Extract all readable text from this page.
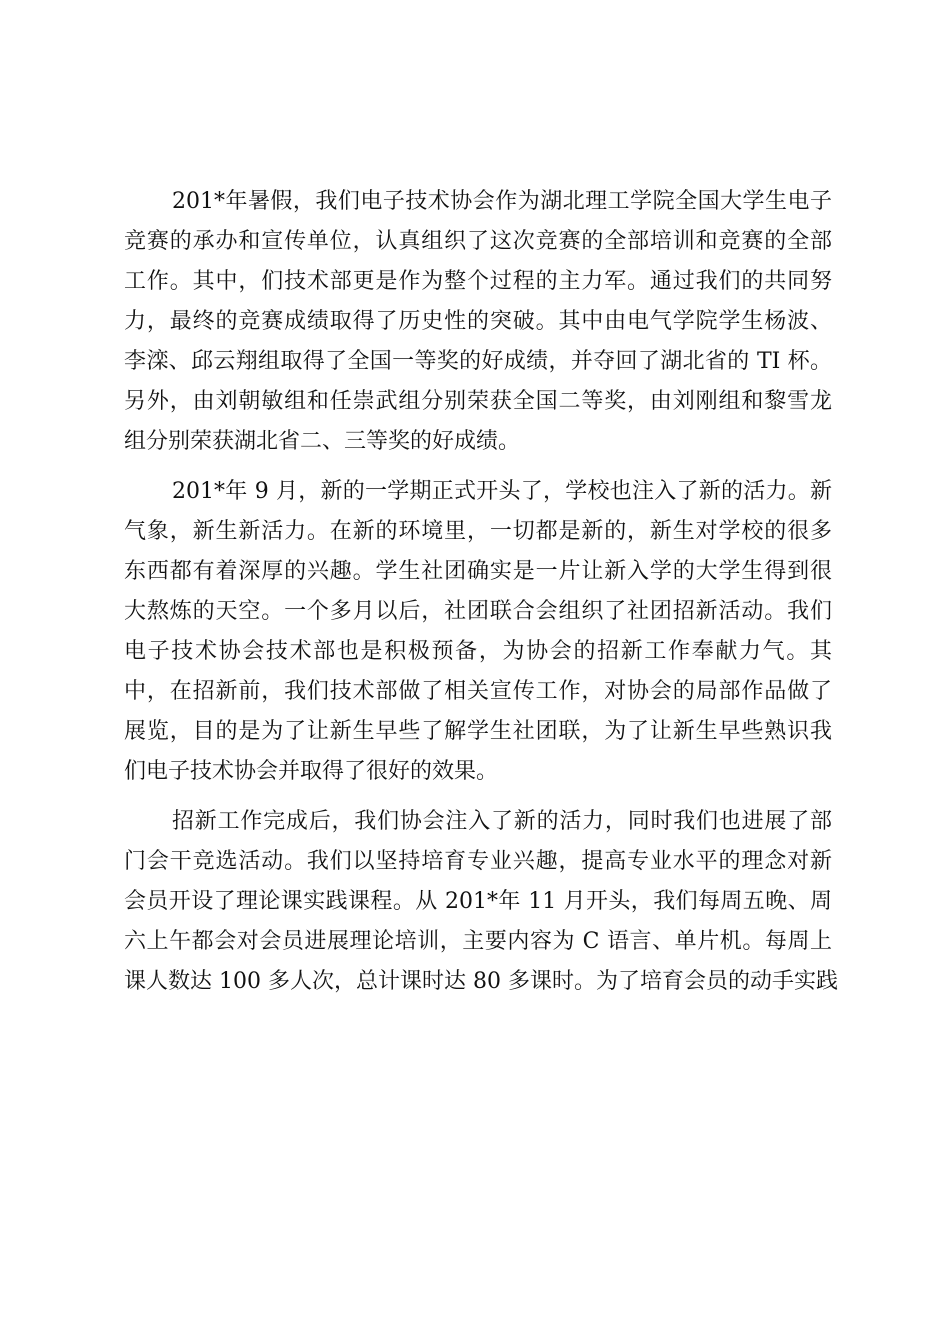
201*年暑假，我们电子技术协会作为湖北理工学院全国大学生电子
竞赛的承办和宣传单位，认真组织了这次竞赛的全部培训和竞赛的全部
工作。其中，们技术部更是作为整个过程的主力军。通过我们的共同努
力，最终的竞赛成绩取得了历史性的突破。其中由电气学院学生杨波、
李滦、邱云翔组取得了全国一等奖的好成绩，并夺回了湖北省的 TI 杯。
另外，由刘朝敏组和任崇武组分别荣获全国二等奖，由刘刚组和黎雪龙
组分别荣获湖北省二、三等奖的好成绩。
201*年 9 月，新的一学期正式开头了，学校也注入了新的活力。新
气象，新生新活力。在新的环境里，一切都是新的，新生对学校的很多
东西都有着深厚的兴趣。学生社团确实是一片让新入学的大学生得到很
大熬炼的天空。一个多月以后，社团联合会组织了社团招新活动。我们
电子技术协会技术部也是积极预备，为协会的招新工作奉献力气。其
中，在招新前，我们技术部做了相关宣传工作，对协会的局部作品做了
展览，目的是为了让新生早些了解学生社团联，为了让新生早些熟识我
们电子技术协会并取得了很好的效果。
招新工作完成后，我们协会注入了新的活力，同时我们也进展了部
门会干竞选活动。我们以坚持培育专业兴趣，提高专业水平的理念对新
会员开设了理论课实践课程。从 201*年 11 月开头，我们每周五晚、周
六上午都会对会员进展理论培训，主要内容为 C 语言、单片机。每周上
课人数达 100 多人次，总计课时达 80 多课时。为了培育会员的动手实践
